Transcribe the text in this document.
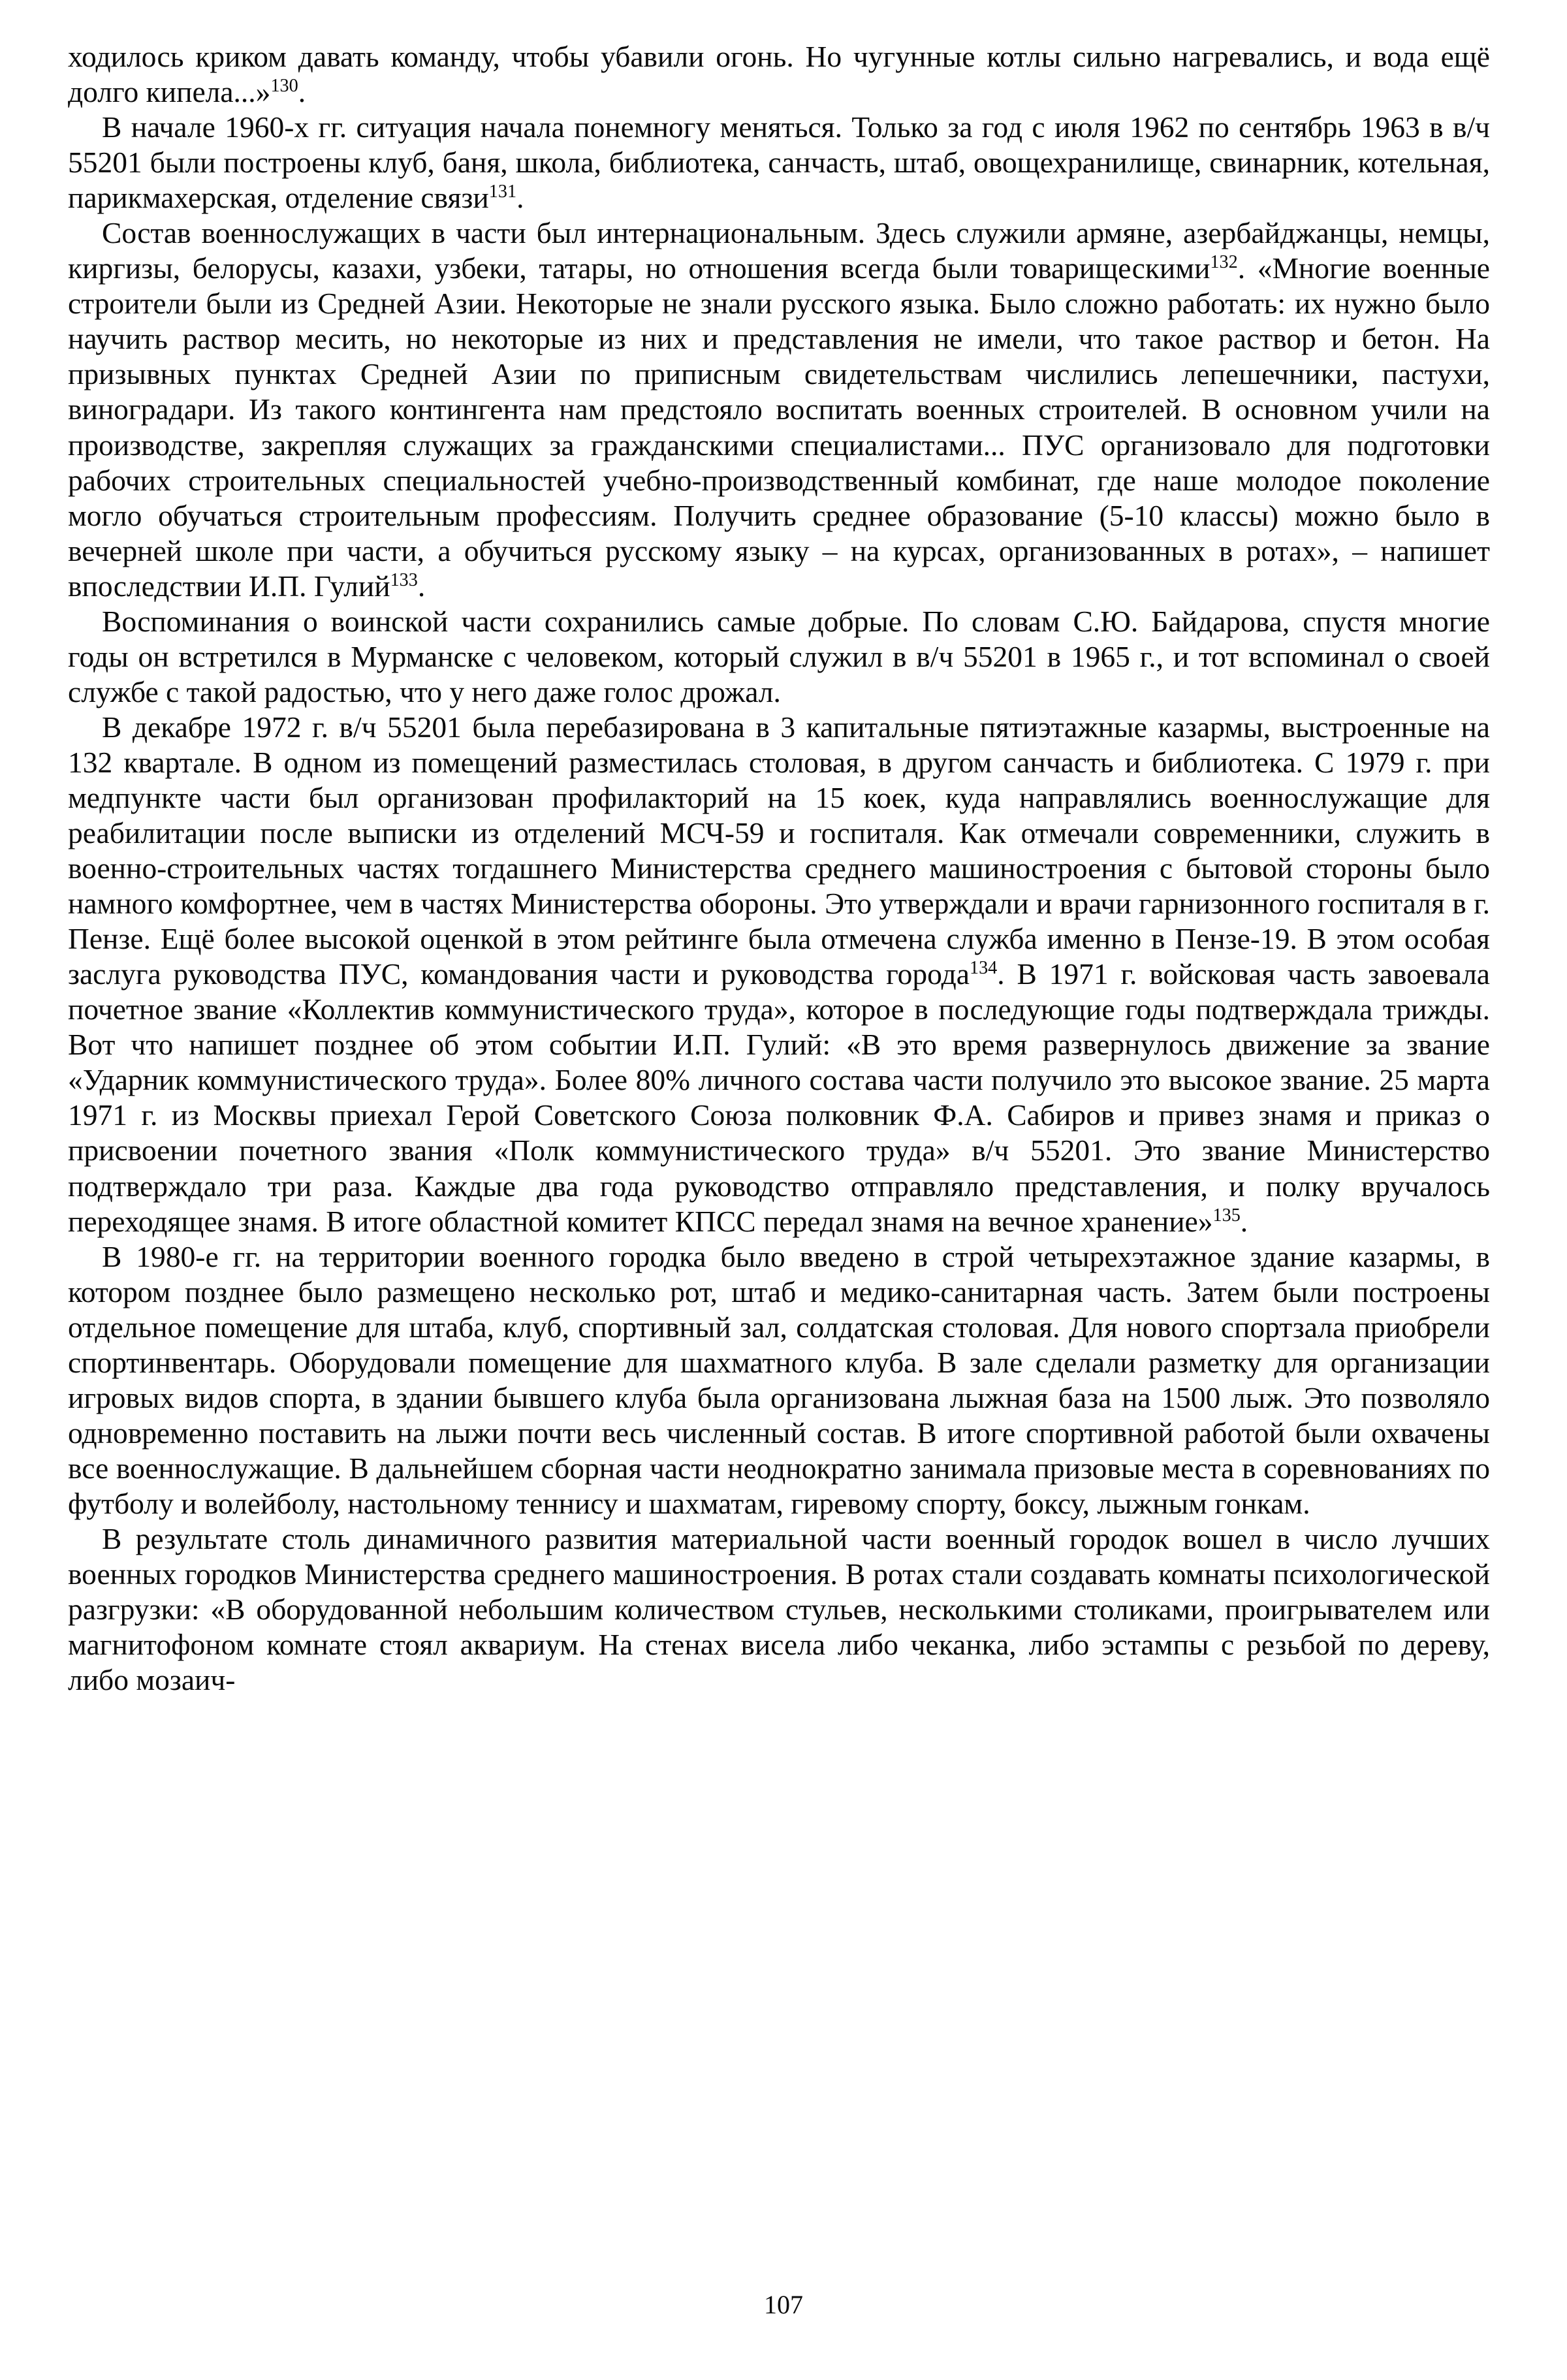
ходилось криком давать команду, чтобы убавили огонь. Но чугунные котлы сильно нагревались, и вода ещё долго кипела...»$^{130}$.

В начале 1960-х гг. ситуация начала понемногу меняться. Только за год с июля 1962 по сентябрь 1963 в в/ч 55201 были построены клуб, баня, школа, библиотека, санчасть, штаб, овощехранилище, свинарник, котельная, парикмахерская, отделение связи$^{131}$.

Состав военнослужащих в части был интернациональным. Здесь служили армяне, азербайджанцы, немцы, киргизы, белорусы, казахи, узбеки, татары, но отношения всегда были товарищескими$^{132}$. «Многие военные строители были из Средней Азии. Некоторые не знали русского языка. Было сложно работать: их нужно было научить раствор месить, но некоторые из них и представления не имели, что такое раствор и бетон. На призывных пунктах Средней Азии по приписным свидетельствам числились лепешечники, пастухи, виноградари. Из такого контингента нам предстояло воспитать военных строителей. В основном учили на производстве, закрепляя служащих за гражданскими специалистами... ПУС организовало для подготовки рабочих строительных специальностей учебно-производственный комбинат, где наше молодое поколение могло обучаться строительным профессиям. Получить среднее образование (5-10 классы) можно было в вечерней школе при части, а обучиться русскому языку – на курсах, организованных в ротах», – напишет впоследствии И.П. Гулий$^{133}$.

Воспоминания о воинской части сохранились самые добрые. По словам С.Ю. Байдарова, спустя многие годы он встретился в Мурманске с человеком, который служил в в/ч 55201 в 1965 г., и тот вспоминал о своей службе с такой радостью, что у него даже голос дрожал.

В декабре 1972 г. в/ч 55201 была перебазирована в 3 капитальные пятиэтажные казармы, выстроенные на 132 квартале. В одном из помещений разместилась столовая, в другом санчасть и библиотека. С 1979 г. при медпункте части был организован профилакторий на 15 коек, куда направлялись военнослужащие для реабилитации после выписки из отделений МСЧ-59 и госпиталя. Как отмечали современники, служить в военно-строительных частях тогдашнего Министерства среднего машиностроения с бытовой стороны было намного комфортнее, чем в частях Министерства обороны. Это утверждали и врачи гарнизонного госпиталя в г. Пензе. Ещё более высокой оценкой в этом рейтинге была отмечена служба именно в Пензе-19. В этом особая заслуга руководства ПУС, командования части и руководства города$^{134}$. В 1971 г. войсковая часть завоевала почетное звание «Коллектив коммунистического труда», которое в последующие годы подтверждала трижды. Вот что напишет позднее об этом событии И.П. Гулий: «В это время развернулось движение за звание «Ударник коммунистического труда». Более 80% личного состава части получило это высокое звание. 25 марта 1971 г. из Москвы приехал Герой Советского Союза полковник Ф.А. Сабиров и привез знамя и приказ о присвоении почетного звания «Полк коммунистического труда» в/ч 55201. Это звание Министерство подтверждало три раза. Каждые два года руководство отправляло представления, и полку вручалось переходящее знамя. В итоге областной комитет КПСС передал знамя на вечное хранение»$^{135}$.

В 1980-е гг. на территории военного городка было введено в строй четырехэтажное здание казармы, в котором позднее было размещено несколько рот, штаб и медико-санитарная часть. Затем были построены отдельное помещение для штаба, клуб, спортивный зал, солдатская столовая. Для нового спортзала приобрели спортинвентарь. Оборудовали помещение для шахматного клуба. В зале сделали разметку для организации игровых видов спорта, в здании бывшего клуба была организована лыжная база на 1500 лыж. Это позволяло одновременно поставить на лыжи почти весь численный состав. В итоге спортивной работой были охвачены все военнослужащие. В дальнейшем сборная части неоднократно занимала призовые места в соревнованиях по футболу и волейболу, настольному теннису и шахматам, гиревому спорту, боксу, лыжным гонкам.

В результате столь динамичного развития материальной части военный городок вошел в число лучших военных городков Министерства среднего машиностроения. В ротах стали создавать комнаты психологической разгрузки: «В оборудованной небольшим количеством стульев, несколькими столиками, проигрывателем или магнитофоном комнате стоял аквариум. На стенах висела либо чеканка, либо эстампы с резьбой по дереву, либо мозаич-

107
